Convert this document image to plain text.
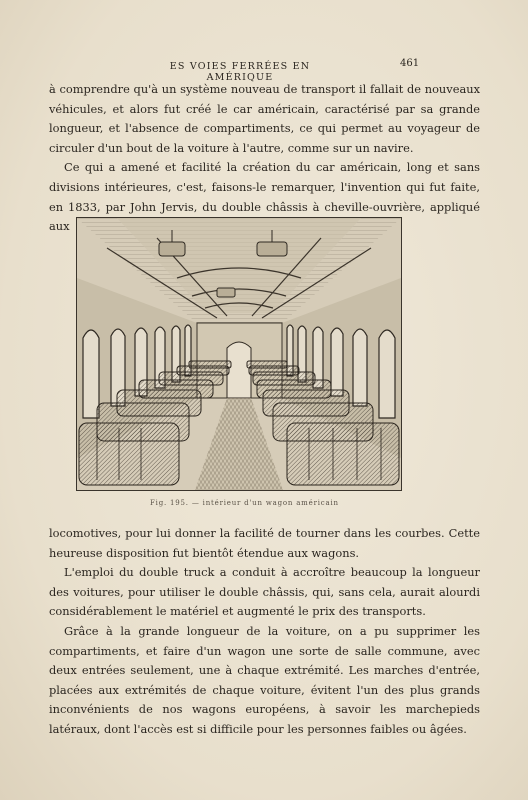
ES VOIES FERRÉES EN AMÉRIQUE
461

à comprendre qu'à un système nouveau de transport il fallait de nouveaux véhicules, et alors fut créé le car américain, caractérisé par sa grande longueur, et l'absence de compartiments, ce qui permet au voyageur de circuler d'un bout de la voiture à l'autre, comme sur un navire.

Ce qui a amené et facilité la création du car américain, long et sans divisions intérieures, c'est, faisons-le remarquer, l'invention qui fut faite, en 1833, par John Jervis, du double châssis à cheville-ouvrière, appliqué aux

Fig. 195. — intérieur d'un wagon américain

locomotives, pour lui donner la facilité de tourner dans les courbes. Cette heureuse disposition fut bientôt étendue aux wagons.

L'emploi du double truck a conduit à accroître beaucoup la longueur des voitures, pour utiliser le double châssis, qui, sans cela, aurait alourdi considérablement le matériel et augmenté le prix des transports.

Grâce à la grande longueur de la voiture, on a pu supprimer les compartiments, et faire d'un wagon une sorte de salle commune, avec deux entrées seulement, une à chaque extrémité. Les marches d'entrée, placées aux extrémités de chaque voiture, évitent l'un des plus grands inconvénients de nos wagons européens, à savoir les marchepieds latéraux, dont l'accès est si difficile pour les personnes faibles ou âgées.
